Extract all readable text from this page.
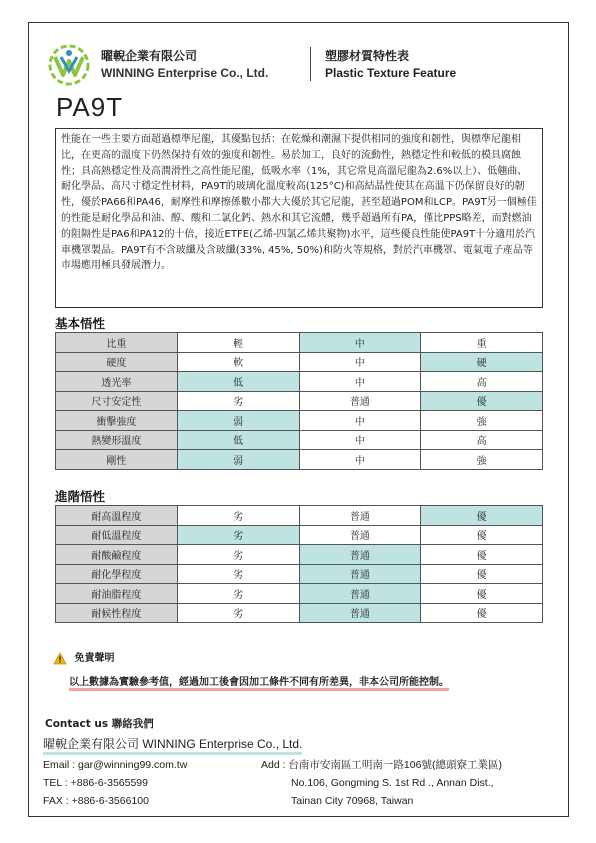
曜輗企業有限公司
WINNING Enterprise Co., Ltd.
塑膠材質特性表
Plastic Texture Feature
PA9T
性能在一些主要方面超過標準尼龍，其優點包括：在乾燥和潮濕下提供相同的強度和韌性，與標準尼龍相比，在更高的溫度下仍然保持有效的強度和韌性。易於加工，良好的流動性，熱穩定性和較低的模具腐蝕性；具高熱穩定性及高潤滑性之高性能尼龍，低吸水率（1%，其它常見高溫尼龍為2.6%以上）、低翹曲、耐化學品、高尺寸穩定性材料，PA9T的玻璃化溫度較高(125°C)和高結晶性使其在高溫下仍保留良好的韌性，優於PA66和PA46，耐摩性和摩擦係數小都大大優於其它尼龍，甚至超過POM和LCP。PA9T另一個極佳的性能是耐化學品和油、醇、酸和二氯化鈣、熱水和其它流體，幾乎超過所有PA，僅比PPS略差，而對燃油的阻隔性是PA6和PA12的十倍，接近ETFE(乙烯-四氯乙烯共聚物)水平，這些優良性能使PA9T十分適用於汽車機罩製品。PA9T有不含玻纖及含玻纖(33%, 45%, 50%)和防火等規格，對於汽車機罩、電氣電子產品等市場應用極具發展潛力。
基本悟性
比重	輕	中	重
硬度	軟	中	硬
透光率	低	中	高
尺寸安定性	劣	普通	優
衝擊強度	弱	中	強
熱變形溫度	低	中	高
剛性	弱	中	強
進階悟性
耐高溫程度	劣	普通	優
耐低溫程度	劣	普通	優
耐酸鹼程度	劣	普通	優
耐化學程度	劣	普通	優
耐油脂程度	劣	普通	優
耐候性程度	劣	普通	優
免責聲明
以上數據為實驗參考值，經過加工後會因加工條件不同有所差異，非本公司所能控制。
Contact us 聯絡我們
曜輗企業有限公司 WINNING Enterprise Co., Ltd.
Email : gar@winning99.com.tw
TEL : +886-6-3565599
FAX : +886-6-3566100
Add : 台南市安南區工明南一路106號(總頭寮工業區)
No.106, Gongming S. 1st Rd ., Annan Dist.,
Tainan City 70968, Taiwan
